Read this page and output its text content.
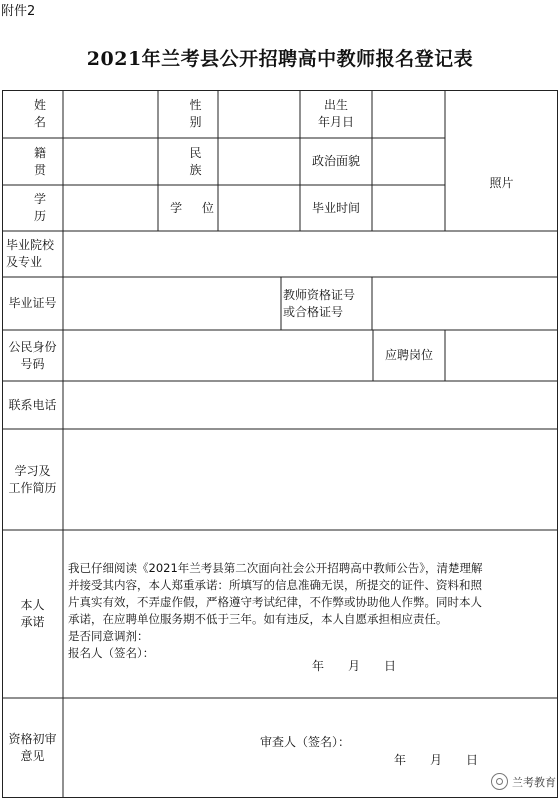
附件2
2021年兰考县公开招聘高中教师报名登记表
姓 名
性 别
出生
年月日
照片
籍 贯
民 族
政治面貌
学 历
学 位	毕业时间
毕业院校
及专业
毕业证号
教师资格证号
或合格证号
公民身份
号码
应聘岗位
联系电话
学习及
工作简历
本人
承诺
资格初审
意见
我已仔细阅读《2021年兰考县第二次面向社会公开招聘高中教师公告》，清楚理解
并接受其内容，本人郑重承诺：所填写的信息准确无误，所提交的证件、资料和照
片真实有效，不弄虚作假，严格遵守考试纪律，不作弊或协助他人作弊。同时本人
承诺，在应聘单位服务期不低于三年。如有违反，本人自愿承担相应责任。
是否同意调剂：
报名人（签名）：
年　　月　　日
审查人（签名）：
年　　月　　日
兰考教育
